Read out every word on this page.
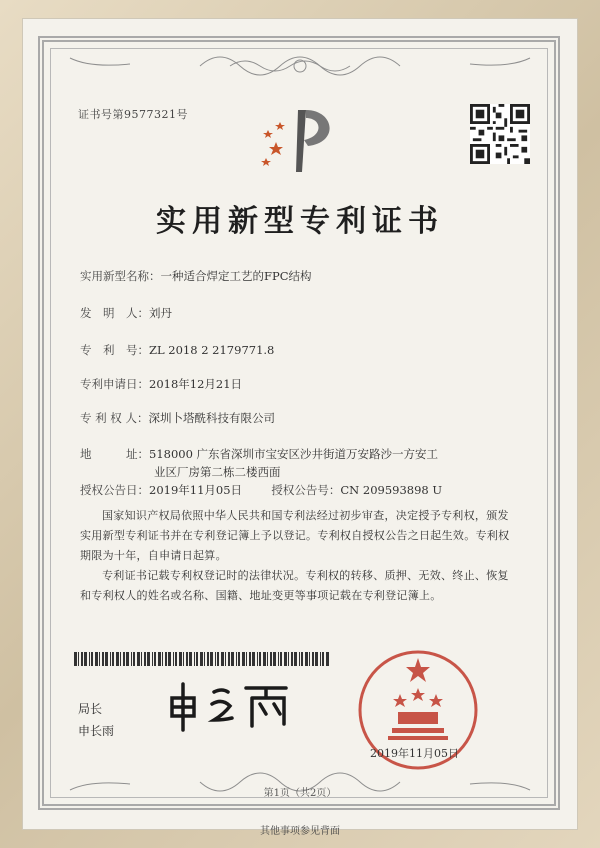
证书号第9577321号
实用新型专利证书
实用新型名称：一种适合焊定工艺的FPC结构
发　明　人：刘丹
专　利　号：ZL 2018 2 2179771.8
专利申请日：2018年12月21日
专 利 权 人：深圳卜塔酰科技有限公司
地　　　址：518000 广东省深圳市宝安区沙井街道万安路沙一方安工
业区厂房第二栋二楼西面
授权公告日：2019年11月05日	授权公告号：CN 209593898 U
国家知识产权局依照中华人民共和国专利法经过初步审查，决定授予专利权，颁发实用新型专利证书并在专利登记簿上予以登记。专利权自授权公告之日起生效。专利权期限为十年，自申请日起算。
专利证书记载专利权登记时的法律状况。专利权的转移、质押、无效、终止、恢复和专利权人的姓名或名称、国籍、地址变更等事项记载在专利登记簿上。
局长
申长雨
2019年11月05日
第1页（共2页）
其他事项参见背面
